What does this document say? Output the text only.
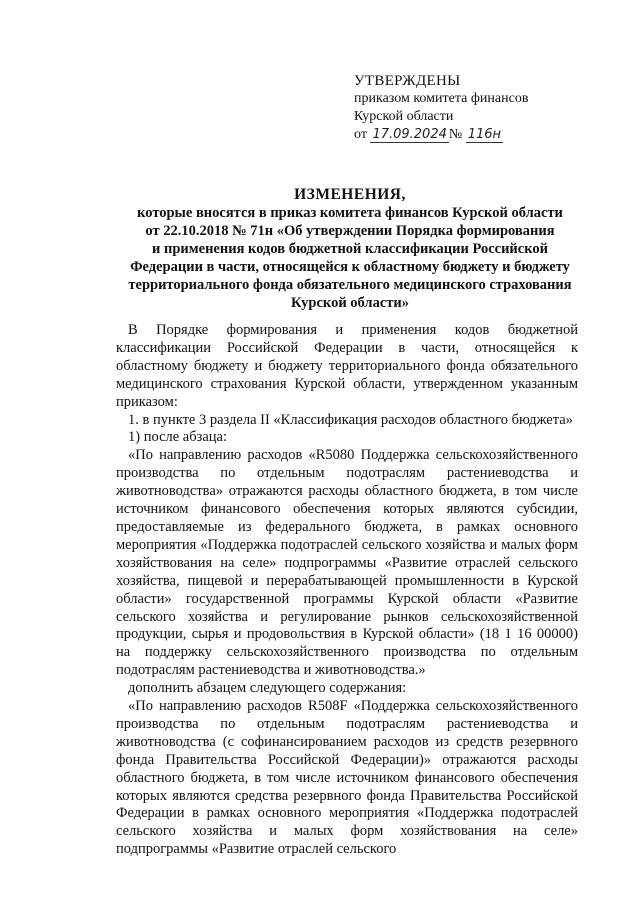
УТВЕРЖДЕНЫ
приказом комитета финансов
Курской области
от 17.09.2024 № 116н
ИЗМЕНЕНИЯ,
которые вносятся в приказ комитета финансов Курской области
от 22.10.2018 № 71н «Об утверждении Порядка формирования
и применения кодов бюджетной классификации Российской
Федерации в части, относящейся к областному бюджету и бюджету
территориального фонда обязательного медицинского страхования
Курской области»

В Порядке формирования и применения кодов бюджетной классификации Российской Федерации в части, относящейся к областному бюджету и бюджету территориального фонда обязательного медицинского страхования Курской области, утвержденном указанным приказом:

1. в пункте 3 раздела II «Классификация расходов областного бюджета»

1) после абзаца:

«По направлению расходов «R5080 Поддержка сельскохозяйственного производства по отдельным подотраслям растениеводства и животноводства» отражаются расходы областного бюджета, в том числе источником финансового обеспечения которых являются субсидии, предоставляемые из федерального бюджета, в рамках основного мероприятия «Поддержка подотраслей сельского хозяйства и малых форм хозяйствования на селе» подпрограммы «Развитие отраслей сельского хозяйства, пищевой и перерабатывающей промышленности в Курской области» государственной программы Курской области «Развитие сельского хозяйства и регулирование рынков сельскохозяйственной продукции, сырья и продовольствия в Курской области» (18 1 16 00000) на поддержку сельскохозяйственного производства по отдельным подотраслям растениеводства и животноводства.»

дополнить абзацем следующего содержания:

«По направлению расходов R508F «Поддержка сельскохозяйственного производства по отдельным подотраслям растениеводства и животноводства (с софинансированием расходов из средств резервного фонда Правительства Российской Федерации)» отражаются расходы областного бюджета, в том числе источником финансового обеспечения которых являются средства резервного фонда Правительства Российской Федерации в рамках основного мероприятия «Поддержка подотраслей сельского хозяйства и малых форм хозяйствования на селе» подпрограммы «Развитие отраслей сельского
